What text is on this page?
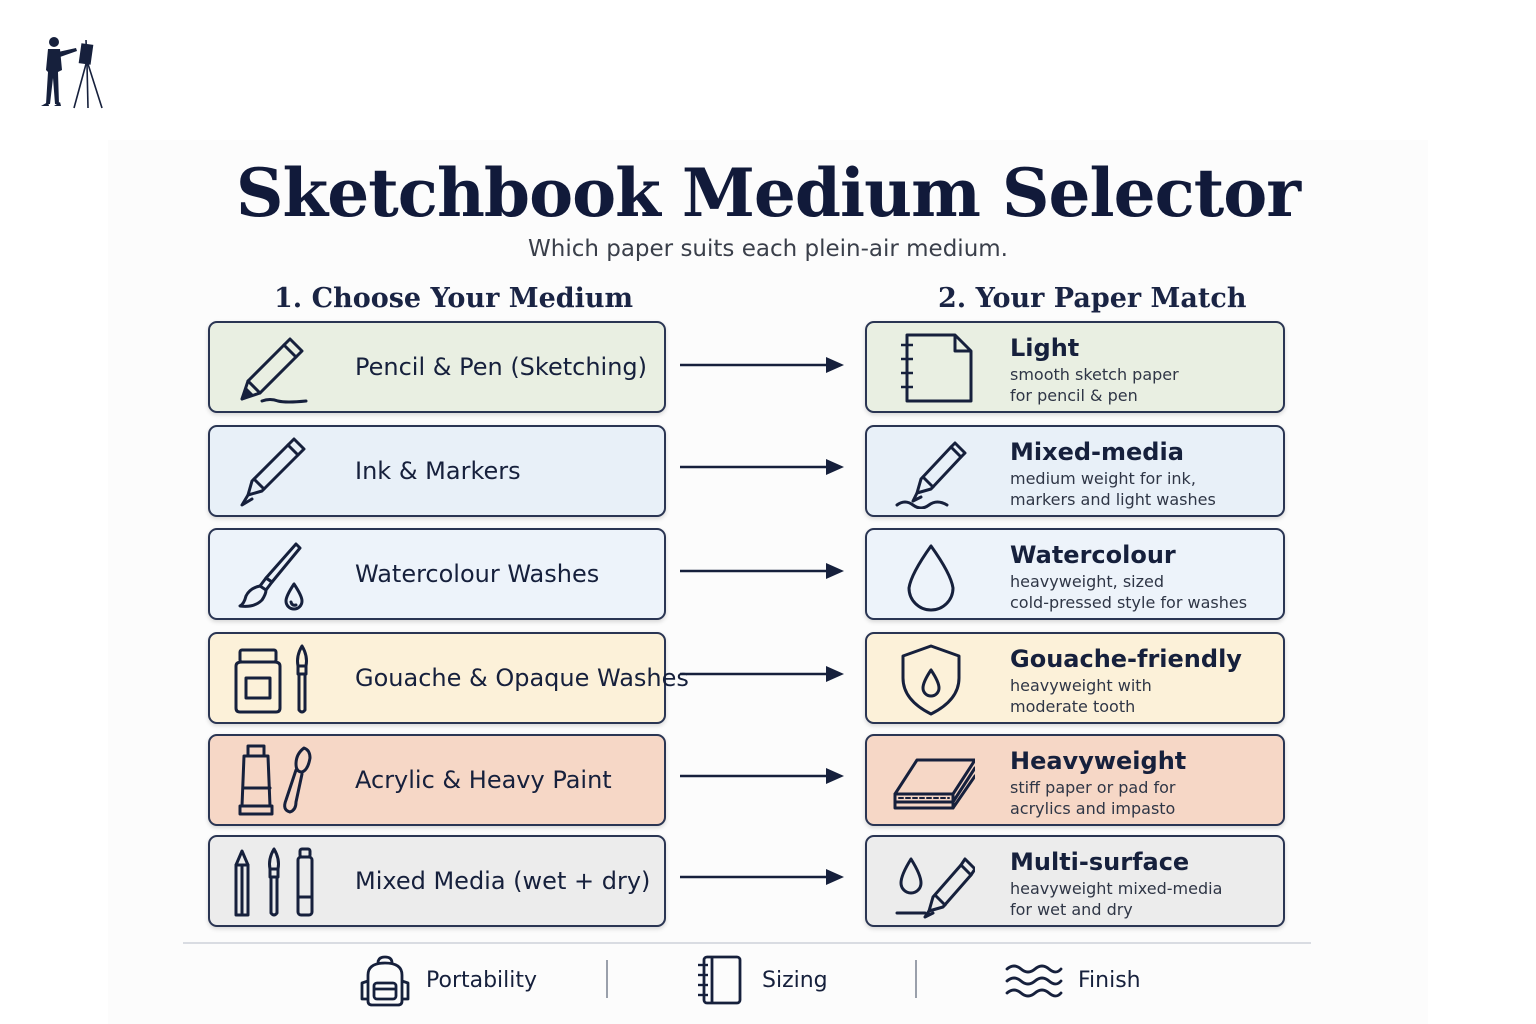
Sketchbook Medium Selector
Which paper suits each plein-air medium.
1. Choose Your Medium	2. Your Paper Match
Pencil & Pen (Sketching)
Light
smooth sketch paper
for pencil & pen
Ink & Markers
Mixed-media
medium weight for ink,
markers and light washes
Watercolour Washes
Watercolour
heavyweight, sized
cold-pressed style for washes
Gouache & Opaque Washes
Gouache-friendly
heavyweight with
moderate tooth
Acrylic & Heavy Paint
Heavyweight
stiff paper or pad for
acrylics and impasto
Mixed Media (wet + dry)
Multi-surface
heavyweight mixed-media
for wet and dry
Portability	Sizing	Finish
